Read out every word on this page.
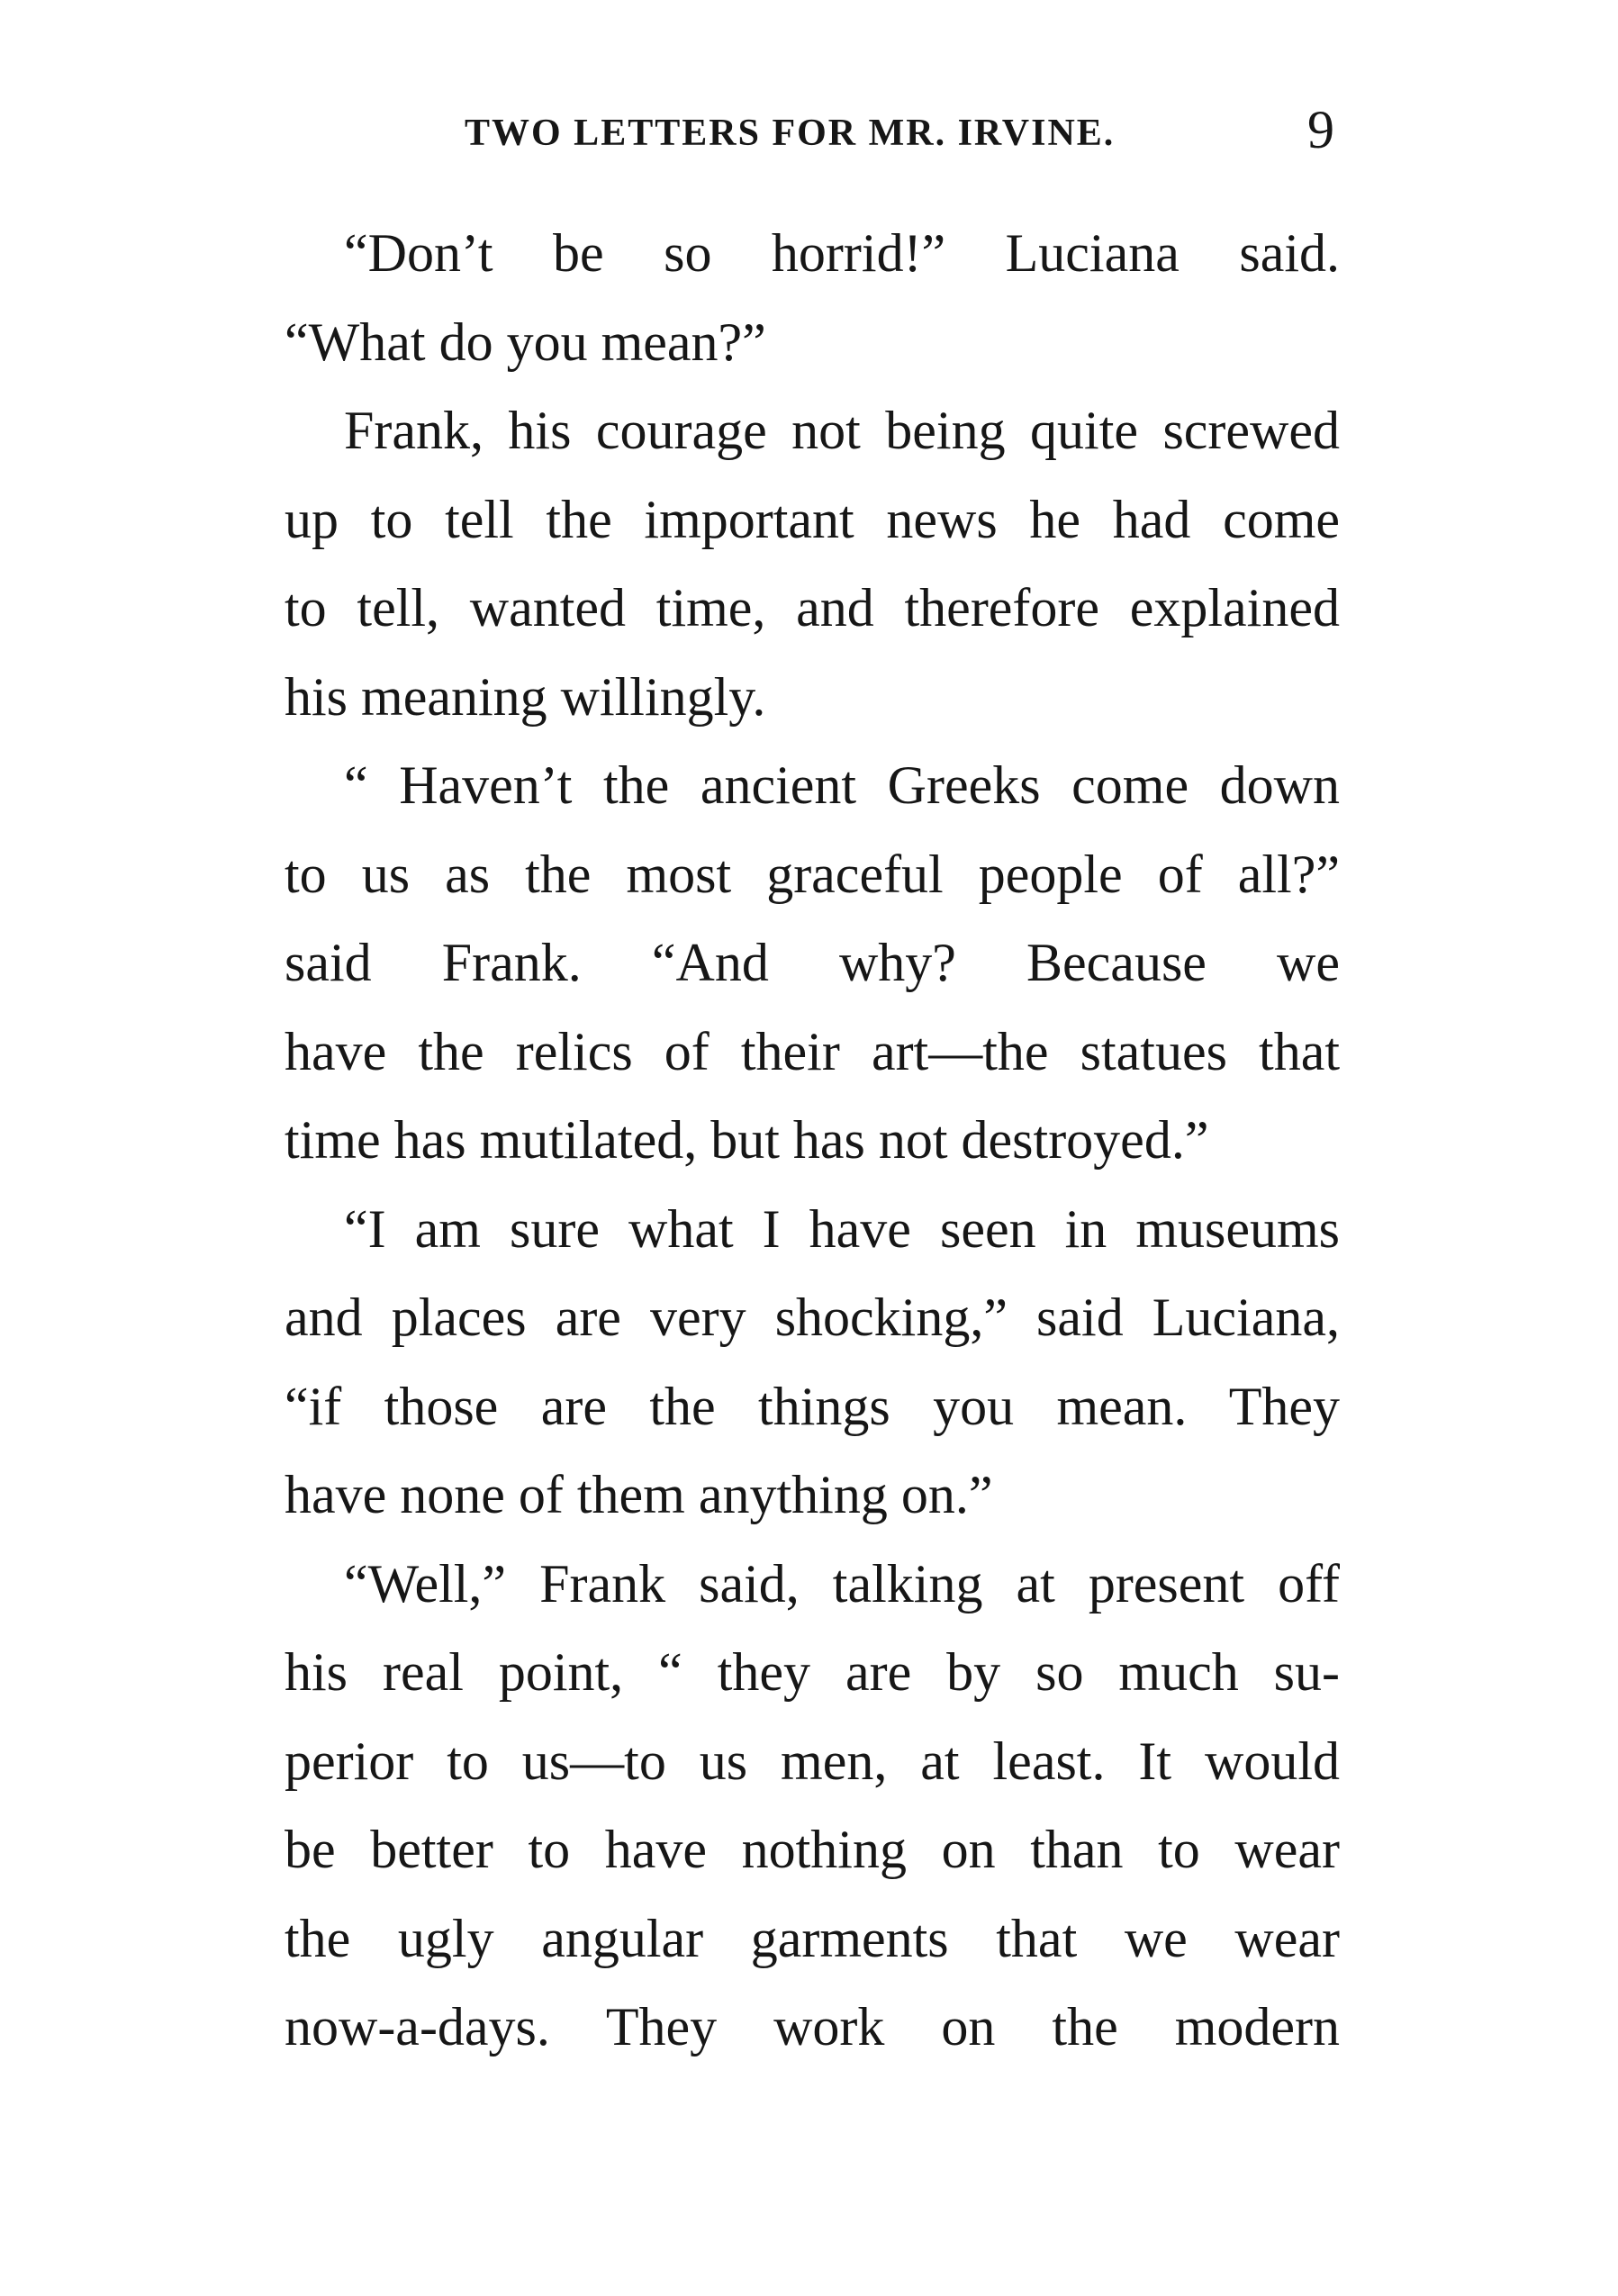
TWO LETTERS FOR MR. IRVINE.	9
“Don’t be so horrid!” Luciana said.
“What do you mean?”
Frank, his courage not being quite screwed
up to tell the important news he had come
to tell, wanted time, and therefore explained
his meaning willingly.
“ Haven’t the ancient Greeks come down
to us as the most graceful people of all?”
said Frank. “And why? Because we
have the relics of their art—the statues that
time has mutilated, but has not destroyed.”
“I am sure what I have seen in museums
and places are very shocking,” said Luciana,
“if those are the things you mean. They
have none of them anything on.”
“Well,” Frank said, talking at present off
his real point, “ they are by so much su-
perior to us—to us men, at least. It would
be better to have nothing on than to wear
the ugly angular garments that we wear
now-a-days. They work on the modern
